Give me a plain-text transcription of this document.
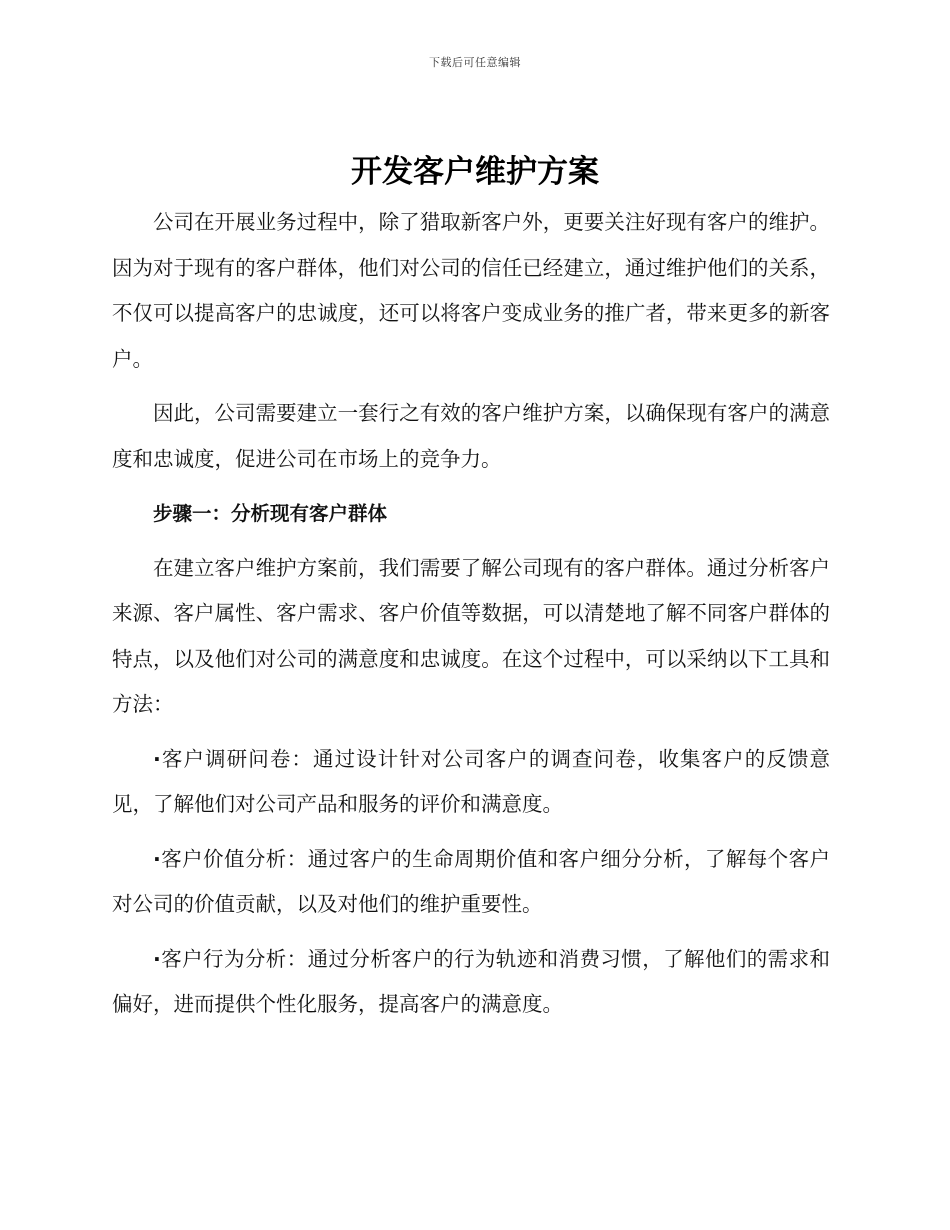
下载后可任意编辑
开发客户维护方案

公司在开展业务过程中，除了猎取新客户外，更要关注好现有客户的维护。因为对于现有的客户群体，他们对公司的信任已经建立，通过维护他们的关系，不仅可以提高客户的忠诚度，还可以将客户变成业务的推广者，带来更多的新客户。

因此，公司需要建立一套行之有效的客户维护方案，以确保现有客户的满意度和忠诚度，促进公司在市场上的竞争力。

步骤一：分析现有客户群体

在建立客户维护方案前，我们需要了解公司现有的客户群体。通过分析客户来源、客户属性、客户需求、客户价值等数据，可以清楚地了解不同客户群体的特点，以及他们对公司的满意度和忠诚度。在这个过程中，可以采纳以下工具和方法：

·客户调研问卷：通过设计针对公司客户的调查问卷，收集客户的反馈意见，了解他们对公司产品和服务的评价和满意度。

·客户价值分析：通过客户的生命周期价值和客户细分分析，了解每个客户对公司的价值贡献，以及对他们的维护重要性。

·客户行为分析：通过分析客户的行为轨迹和消费习惯，了解他们的需求和偏好，进而提供个性化服务，提高客户的满意度。
